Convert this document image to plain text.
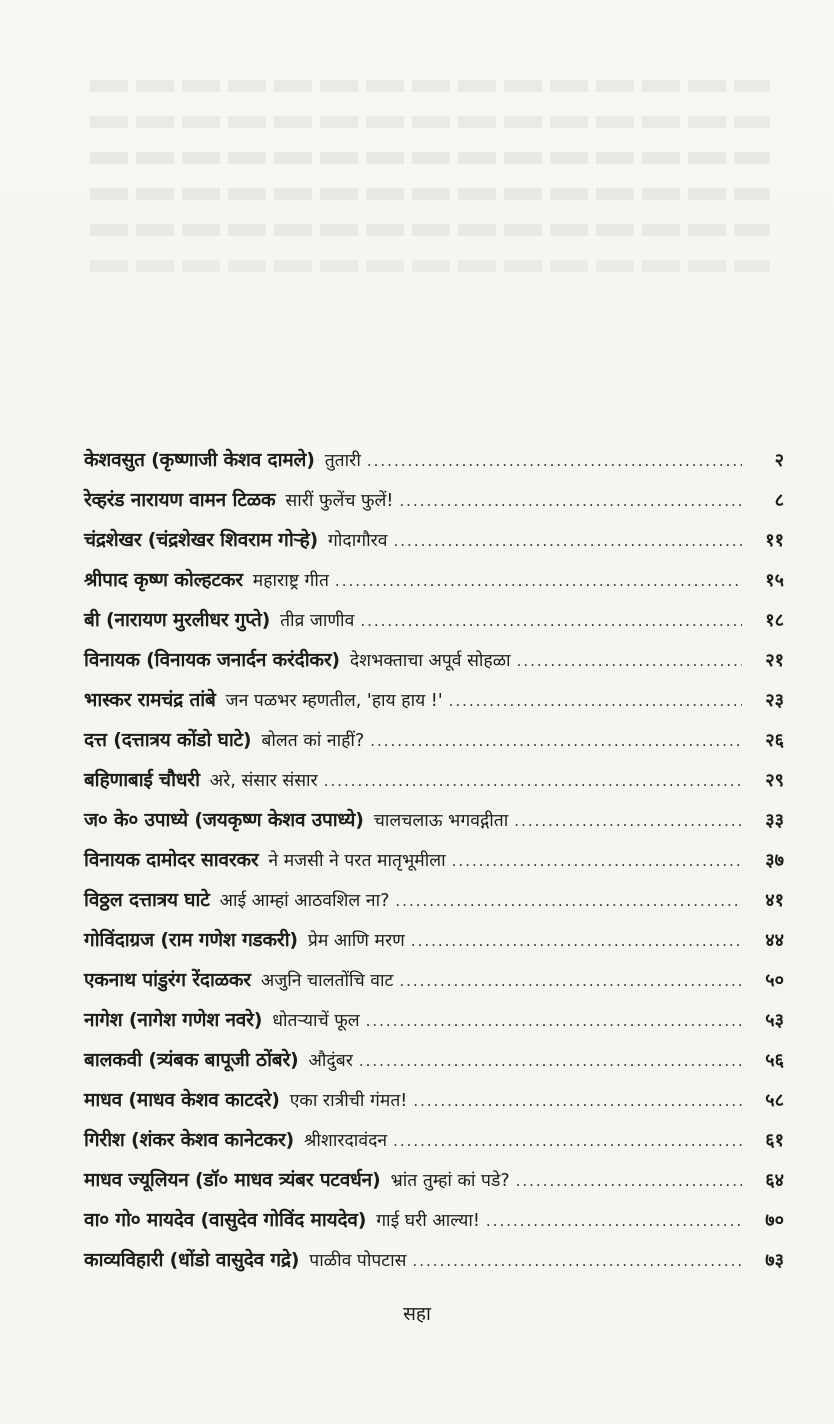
केशवसुत (कृष्णाजी केशव दामले) तुतारी .....	२
रेव्हरंड नारायण वामन टिळक सारीं फुलेंच फुलें! .....	८
चंद्रशेखर (चंद्रशेखर शिवराम गोऱ्हे) गोदागौरव .....	११
श्रीपाद कृष्ण कोल्हटकर महाराष्ट्र गीत .....	१५
बी (नारायण मुरलीधर गुप्ते) तीव्र जाणीव .....	१८
विनायक (विनायक जनार्दन करंदीकर) देशभक्ताचा अपूर्व सोहळा .....	२१
भास्कर रामचंद्र तांबे जन पळभर म्हणतील, 'हाय हाय !' .....	२३
दत्त (दत्तात्रय कोंडो घाटे) बोलत कां नाहीं? .....	२६
बहिणाबाई चौधरी अरे, संसार संसार .....	२९
ज० के० उपाध्ये (जयकृष्ण केशव उपाध्ये) चालचलाऊ भगवद्गीता .....	३३
विनायक दामोदर सावरकर ने मजसी ने परत मातृभूमीला .....	३७
विठ्ठल दत्तात्रय घाटे आई आम्हां आठवशिल ना? .....	४१
गोविंदाग्रज (राम गणेश गडकरी) प्रेम आणि मरण .....	४४
एकनाथ पांडुरंग रेंदाळकर अजुनि चालतोंचि वाट .....	५०
नागेश (नागेश गणेश नवरे) धोतऱ्याचें फूल .....	५३
बालकवी (त्र्यंबक बापूजी ठोंबरे) औदुंबर .....	५६
माधव (माधव केशव काटदरे) एका रात्रीची गंमत! .....	५८
गिरीश (शंकर केशव कानेटकर) श्रीशारदावंदन .....	६१
माधव ज्यूलियन (डॉ० माधव त्र्यंबर पटवर्धन) भ्रांत तुम्हां कां पडे? .....	६४
वा० गो० मायदेव (वासुदेव गोविंद मायदेव) गाई घरी आल्या! .....	७०
काव्यविहारी (धोंडो वासुदेव गद्रे) पाळीव पोपटास .....	७३
सहा
